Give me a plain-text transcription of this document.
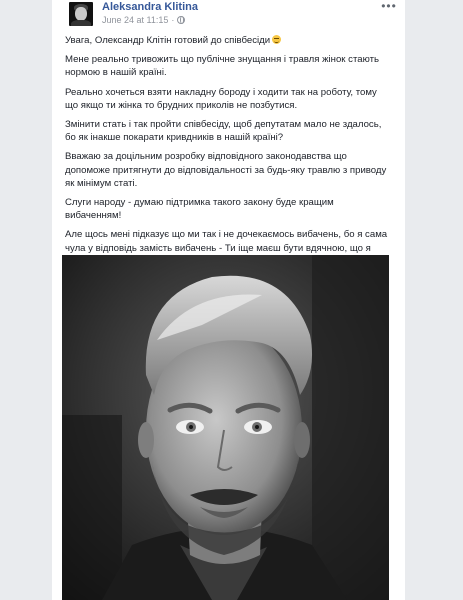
Aleksandra Klitina
June 24 at 11:15 ·
•••
Увага, Олександр Клітін готовий до співбесіди
Мене реально тривожить що публічне знущання і травля жінок стають
нормою в нашій країні.
Реально хочеться взяти накладну бороду і ходити так на роботу, тому
що якщо ти жінка то брудних приколів не позбутися.
Змінити стать і так пройти співбесіду, щоб депутатам мало не здалось,
бо як інакше покарати кривдників в нашій країні?
Вважаю за доцільним розробку відповідного законодавства що
допоможе притягнути до відповідальності за будь-яку травлю з приводу
як мінімум статі.
Слуги народу - думаю підтримка такого закону буде кращим
вибаченням!
Але щось мені підказує що ми так і не дочекаємось вибачень, бо я сама
чула у відповідь замість вибачень - Ти іще маєш бути вдячною, що я
